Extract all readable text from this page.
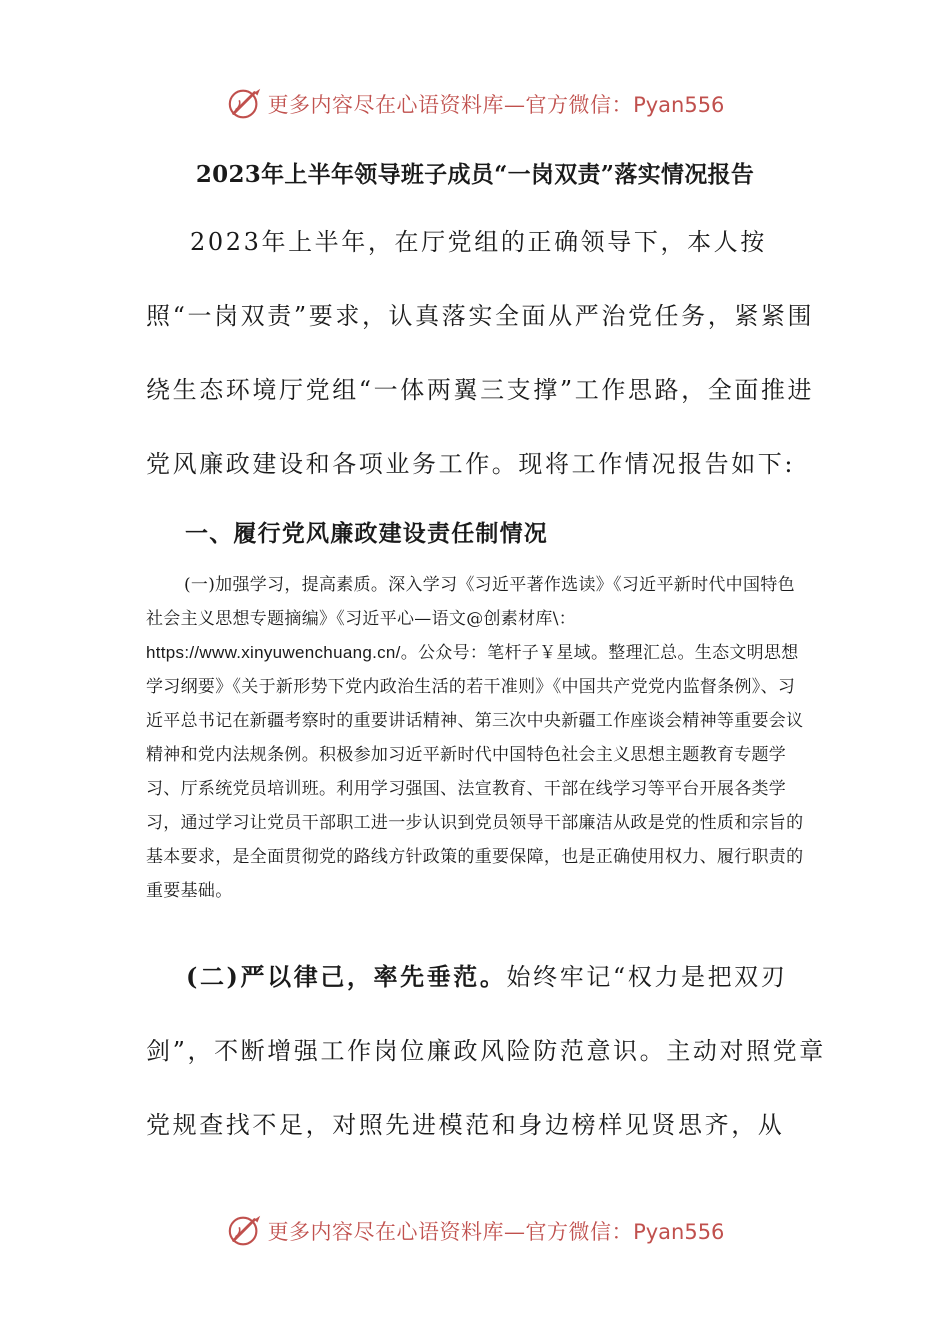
更多内容尽在心语资料库—官方微信：Pyan556
2023年上半年领导班子成员“一岗双责”落实情况报告

2023年上半年，在厅党组的正确领导下，本人按照“一岗双责”要求，认真落实全面从严治党任务，紧紧围绕生态环境厅党组“一体两翼三支撑”工作思路，全面推进党风廉政建设和各项业务工作。现将工作情况报告如下:

一、履行党风廉政建设责任制情况

(一)加强学习，提高素质。深入学习《习近平著作选读》《习近平新时代中国特色社会主义思想专题摘编》《习近平心—语文@创素材库\：https://www.xinyuwenchuang.cn/。公众号：笔杆子￥星域。整理汇总。生态文明思想学习纲要》《关于新形势下党内政治生活的若干准则》《中国共产党党内监督条例》、习近平总书记在新疆考察时的重要讲话精神、第三次中央新疆工作座谈会精神等重要会议精神和党内法规条例。积极参加习近平新时代中国特色社会主义思想主题教育专题学习、厅系统党员培训班。利用学习强国、法宣教育、干部在线学习等平台开展各类学习，通过学习让党员干部职工进一步认识到党员领导干部廉洁从政是党的性质和宗旨的基本要求，是全面贯彻党的路线方针政策的重要保障，也是正确使用权力、履行职责的重要基础。

(二)严以律己，率先垂范。始终牢记“权力是把双刃剑”，不断增强工作岗位廉政风险防范意识。主动对照党章党规查找不足，对照先进模范和身边榜样见贤思齐，从

更多内容尽在心语资料库—官方微信：Pyan556
